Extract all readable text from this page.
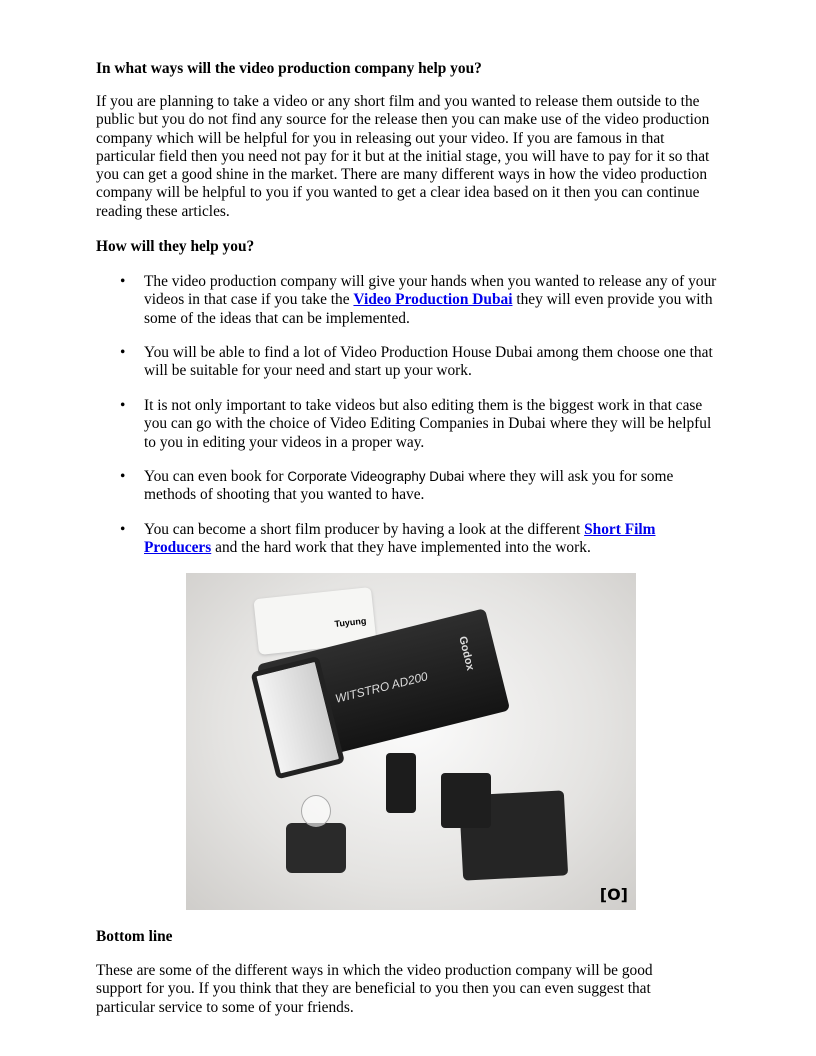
In what ways will the video production company help you?

If you are planning to take a video or any short film and you wanted to release them outside to the public but you do not find any source for the release then you can make use of the video production company which will be helpful for you in releasing out your video. If you are famous in that particular field then you need not pay for it but at the initial stage, you will have to pay for it so that you can get a good shine in the market. There are many different ways in how the video production company will be helpful to you if you wanted to get a clear idea based on it then you can continue reading these articles.

How will they help you?
• The video production company will give your hands when you wanted to release any of your videos in that case if you take the Video Production Dubai they will even provide you with some of the ideas that can be implemented.
• You will be able to find a lot of Video Production House Dubai among them choose one that will be suitable for your need and start up your work.
• It is not only important to take videos but also editing them is the biggest work in that case you can go with the choice of Video Editing Companies in Dubai where they will be helpful to you in editing your videos in a proper way.
• You can even book for Corporate Videography Dubai where they will ask you for some methods of shooting that you wanted to have.
• You can become a short film producer by having a look at the different Short Film Producers and the hard work that they have implemented into the work.
Tuyung
WITSTRO AD200
Godox
[O]
Bottom line

These are some of the different ways in which the video production company will be good support for you. If you think that they are beneficial to you then you can even suggest that particular service to some of your friends.
